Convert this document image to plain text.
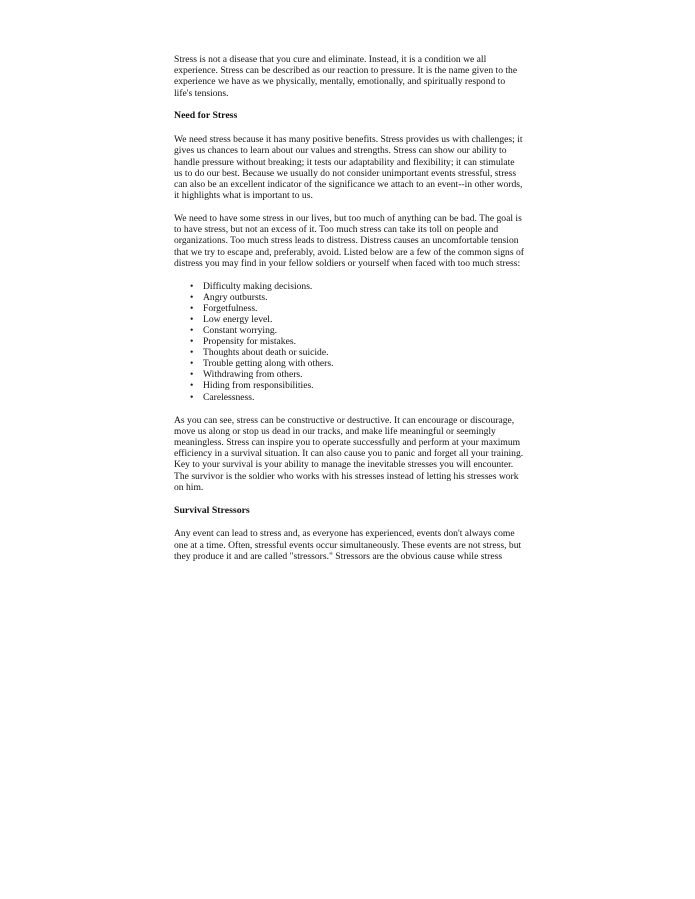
Stress is not a disease that you cure and eliminate. Instead, it is a condition we all experience. Stress can be described as our reaction to pressure. It is the name given to the experience we have as we physically, mentally, emotionally, and spiritually respond to life's tensions.

Need for Stress

We need stress because it has many positive benefits. Stress provides us with challenges; it gives us chances to learn about our values and strengths. Stress can show our ability to handle pressure without breaking; it tests our adaptability and flexibility; it can stimulate us to do our best. Because we usually do not consider unimportant events stressful, stress can also be an excellent indicator of the significance we attach to an event--in other words, it highlights what is important to us.

We need to have some stress in our lives, but too much of anything can be bad. The goal is to have stress, but not an excess of it. Too much stress can take its toll on people and organizations. Too much stress leads to distress. Distress causes an uncomfortable tension that we try to escape and, preferably, avoid. Listed below are a few of the common signs of distress you may find in your fellow soldiers or yourself when faced with too much stress:

• Difficulty making decisions.
• Angry outbursts.
• Forgetfulness.
• Low energy level.
• Constant worrying.
• Propensity for mistakes.
• Thoughts about death or suicide.
• Trouble getting along with others.
• Withdrawing from others.
• Hiding from responsibilities.
• Carelessness.

As you can see, stress can be constructive or destructive. It can encourage or discourage, move us along or stop us dead in our tracks, and make life meaningful or seemingly meaningless. Stress can inspire you to operate successfully and perform at your maximum efficiency in a survival situation. It can also cause you to panic and forget all your training. Key to your survival is your ability to manage the inevitable stresses you will encounter. The survivor is the soldier who works with his stresses instead of letting his stresses work on him.

Survival Stressors

Any event can lead to stress and, as everyone has experienced, events don't always come one at a time. Often, stressful events occur simultaneously. These events are not stress, but they produce it and are called "stressors." Stressors are the obvious cause while stress
